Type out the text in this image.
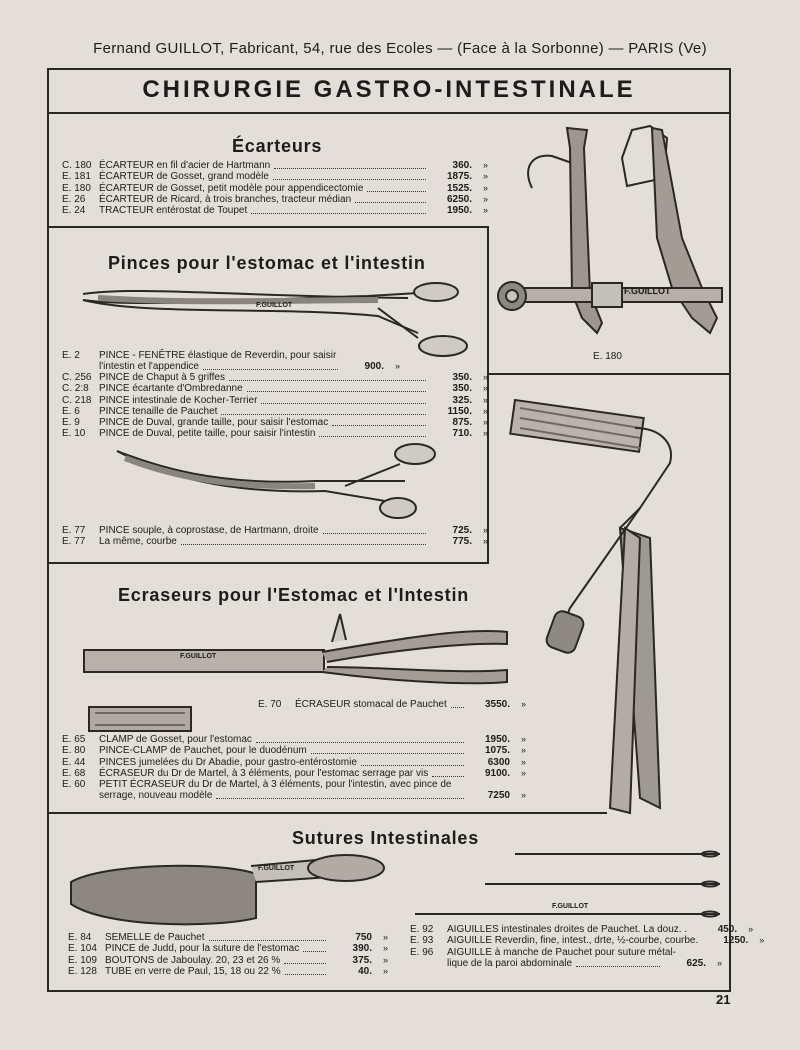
Fernand GUILLOT, Fabricant, 54, rue des Ecoles — (Face à la Sorbonne) — PARIS (Ve)
CHIRURGIE GASTRO-INTESTINALE
Écarteurs
C. 180 ÉCARTEUR en fil d'acier de Hartmann	360.	»
E. 181 ÉCARTEUR de Gosset, grand modèle	1875.	»
E. 180 ÉCARTEUR de Gosset, petit modèle pour appendicectomie	1525.	»
E. 26	ÉCARTEUR de Ricard, à trois branches, tracteur médian	6250.	»
E. 24	TRACTEUR entérostat de Toupet	1950.	»
F.GUILLOT
E. 180
Pinces pour l'estomac et l'intestin
F.GUILLOT
E. 2	PINCE - FENÊTRE élastique de Reverdin, pour saisir
l'intestin et l'appendice	900.	»
C. 256 PINCE de Chaput à 5 griffes	350.	»
C. 2:8	PINCE écartante d'Ombredanne	350.	»
C. 218 PINCE intestinale de Kocher-Terrier	325.	»
E. 6	PINCE tenaille de Pauchet	1150.	»
E. 9	PINCE de Duval, grande taille, pour saisir l'estomac	875.	»
E. 10	PINCE de Duval, petite taille, pour saisir l'intestin	710.	»
E. 77	PINCE souple, à coprostase, de Hartmann, droite	725.	»
E. 77	La même, courbe	775.	»
Ecraseurs pour l'Estomac et l'Intestin
F.GUILLOT
E. 70	ÉCRASEUR stomacal de Pauchet	3550.	»
E. 65	CLAMP de Gosset, pour l'estomac	1950.	»
E. 80	PINCE-CLAMP de Pauchet, pour le duodénum	1075.	»
E. 44	PINCES jumelées du Dr Abadie, pour gastro-entérostomie	6300	»
E. 68	ÉCRASEUR du Dr de Martel, à 3 éléments, pour l'estomac serrage par vis	9100.	»
E. 60	PETIT ÉCRASEUR du Dr de Martel, à 3 éléments, pour l'intestin, avec pince de
serrage, nouveau modèle	7250	»
Sutures Intestinales
F.GUILLOT
F.GUILLOT
E. 84	SEMELLE de Pauchet	750	»
E. 104 PINCE de Judd, pour la suture de l'estomac	390.	»
E. 109 BOUTONS de Jaboulay. 20, 23 et 26 %	375.	»
E. 128 TUBE en verre de Paul, 15, 18 ou 22 %	40.	»
E. 92	AIGUILLES intestinales droites de Pauchet. La douz. .	450.	»
E. 93	AIGUILLE Reverdin, fine, intest., drte, ½-courbe, courbe.	1250.	»
E. 96	AIGUILLE à manche de Pauchet pour suture métal-
lique de la paroi abdominale	625.	»
21
